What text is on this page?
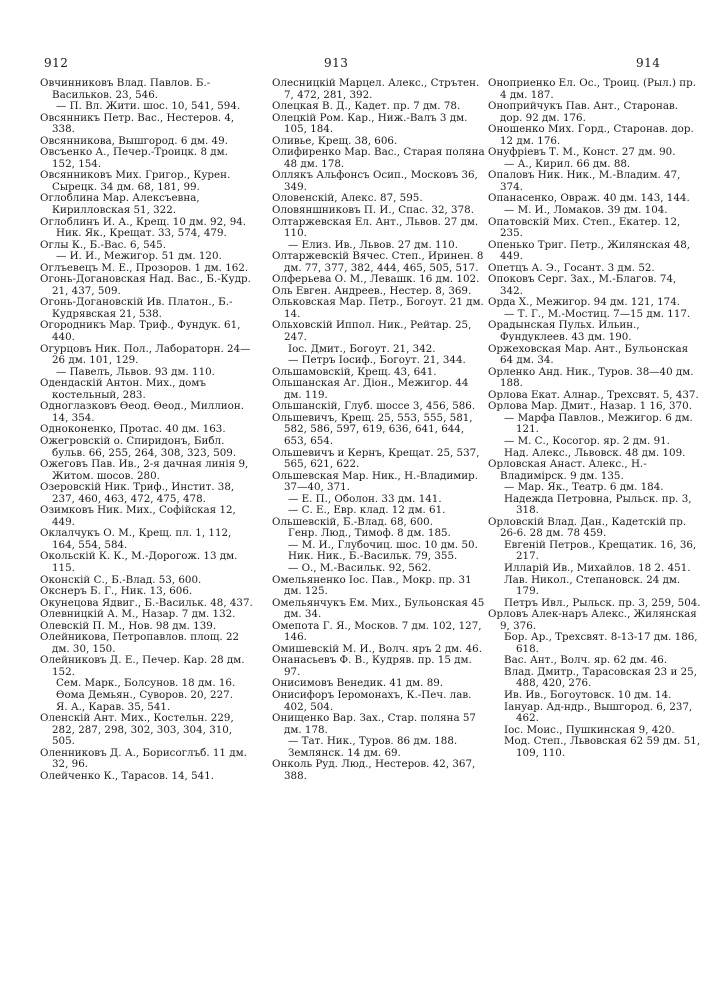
912	913	914

Овчинниковъ Влад. Павлов. Б.-Васильков. 23, 546.

— П. Вл. Жити. шос. 10, 541, 594.

Овсянникъ Петр. Вас., Нестеров. 4, 338.

Овсянникова, Вышгород. 6 дм. 49.

Овсъенко А., Печер.-Троицк. 8 дм. 152, 154.

Овсянниковъ Мих. Григор., Курен. Сырецк. 34 дм. 68, 181, 99.

Оглоблина Мар. Алексъевна, Кирилловская 51, 322.

Оглоблинъ И. А., Крещ. 10 дм. 92, 94.

Ник. Як., Крещат. 33, 574, 479.

Оглы К., Б.-Вас. 6, 545.

— И. И., Межигор. 51 дм. 120.

Оглъевецъ М. Е., Прозоров. 1 дм. 162.

Огонь-Догановская Над. Вас., Б.-Кудр. 21, 437, 509.

Огонь-Догановскій Ив. Платон., Б.-Кудрявская 21, 538.

Огородникъ Мар. Триф., Фундук. 61, 440.

Огурцовъ Ник. Пол., Лабораторн. 24—26 дм. 101, 129.

— Павелъ, Львов. 93 дм. 110.

Одендаскій Антон. Мих., домъ костельный, 283.

Одноглазковъ Өеод. Өеод., Миллион. 14, 354.

Одноконенко, Протас. 40 дм. 163.

Ожегровскій о. Спиридонъ, Библ. бульв. 66, 255, 264, 308, 323, 509.

Ожеговъ Пав. Ив., 2-я дачная линія 9, Житом. шосов. 280.

Озеровскій Ник. Триф., Инстит. 38, 237, 460, 463, 472, 475, 478.

Озимковъ Ник. Мих., Софійская 12, 449.

Оклалчукъ О. М., Крещ. пл. 1, 112, 164, 554, 584.

Окольскій К. К., М.-Дорогож. 13 дм. 115.

Оконскій С., Б.-Влад. 53, 600.

Окснеръ Б. Г., Ник. 13, 606.

Окунецова Ядвиг., Б.-Васильк. 48, 437.

Олевницкій А. М., Назар. 7 дм. 132.

Олевскій П. М., Нов. 98 дм. 139.

Олейникова, Петропавлов. площ. 22 дм. 30, 150.

Олейниковъ Д. Е., Печер. Кар. 28 дм. 152.

Сем. Марк., Болсунов. 18 дм. 16.

Өома Демьян., Суворов. 20, 227.

Я. А., Карав. 35, 541.

Оленскій Ант. Мих., Костельн. 229, 282, 287, 298, 302, 303, 304, 310, 505.

Оленниковъ Д. А., Борисоглъб. 11 дм. 32, 96.

Олейченко К., Тарасов. 14, 541.

Олесницкій Марцел. Алекс., Стрътен. 7, 472, 281, 392.

Олецкая В. Д., Кадет. пр. 7 дм. 78.

Олецкій Ром. Кар., Ниж.-Валъ 3 дм. 105, 184.

Оливье, Крещ. 38, 606.

Олифиренко Мар. Вас., Старая полянa 48 дм. 178.

Оллякъ Альфонсъ Осип., Московъ 36, 349.

Оловенскій, Алекс. 87, 595.

Оловяншниковъ П. И., Спас. 32, 378.

Олтаржевская Ел. Ант., Львов. 27 дм. 110.

— Елиз. Ив., Львов. 27 дм. 110.

Олтаржевскій Вячес. Степ., Иринен. 8 дм. 77, 377, 382, 444, 465, 505, 517.

Олферьева О. М., Левашк. 16 дм. 102.

Оль Евген. Андреев., Нестер. 8, 369.

Ольковская Мар. Петр., Богоут. 21 дм. 14.

Ольховскій Иппол. Ник., Рейтар. 25, 247.

Іос. Дмит., Богоут. 21, 342.

— Петръ Іосиф., Богоут. 21, 344.

Ольшамовскій, Крещ. 43, 641.

Ольшанская Аг. Діон., Межигор. 44 дм. 119.

Ольшанскій, Глуб. шоссе 3, 456, 586.

Ольшевичъ, Крещ. 25, 553, 555, 581, 582, 586, 597, 619, 636, 641, 644, 653, 654.

Ольшевичъ и Кернъ, Крещат. 25, 537, 565, 621, 622.

Ольшевская Мар. Ник., Н.-Владимир. 37—40, 371.

— Е. П., Оболон. 33 дм. 141.

— С. Е., Евр. клад. 12 дм. 61.

Ольшевскій, Б.-Влад. 68, 600.

Генр. Люд., Тимоф. 8 дм. 185.

— М. И., Глубочиц. шос. 10 дм. 50.

Ник. Ник., Б.-Васильк. 79, 355.

— О., М.-Васильк. 92, 562.

Омельяненко Іос. Пав., Мокр. пр. 31 дм. 125.

Омельянчукъ Ем. Мих., Бульонская 45 дм. 34.

Омепота Г. Я., Москов. 7 дм. 102, 127, 146.

Омишевскій М. И., Волч. яръ 2 дм. 46.

Онанасьевъ Ф. В., Кудряв. пр. 15 дм. 97.

Онисимовъ Венедик. 41 дм. 89.

Онисифоръ Іеромонахъ, К.-Печ. лав. 402, 504.

Онищенко Вар. Зах., Стар. полянa 57 дм. 178.

— Тат. Ник., Туров. 86 дм. 188.

Землянск. 14 дм. 69.

Онколь Руд. Люд., Нестеров. 42, 367, 388.

Оноприенко Ел. Ос., Троиц. (Рыл.) пр. 4 дм. 187.

Оноприйчукъ Пав. Ант., Старонав. дор. 92 дм. 176.

Оношенко Мих. Горд., Старонав. дор. 12 дм. 176.

Онуфріевъ Т. М., Конст. 27 дм. 90.

— А., Кирил. 66 дм. 88.

Опаловъ Ник. Ник., М.-Владим. 47, 374.

Опанасенко, Овраж. 40 дм. 143, 144.

— М. И., Ломаков. 39 дм. 104.

Опатовскій Мих. Степ., Екатер. 12, 235.

Опенько Триг. Петр., Жилянская 48, 449.

Опетцъ А. Э., Госант. 3 дм. 52.

Опоковъ Серг. Зах., М.-Благов. 74, 342.

Орда Х., Межигор. 94 дм. 121, 174.

— Т. Г., М.-Мостиц. 7—15 дм. 117.

Орадынская Пульх. Ильин., Фундуклеев. 43 дм. 190.

Оржеховская Мар. Ант., Бульонская 64 дм. 34.

Орленко Анд. Ник., Туров. 38—40 дм. 188.

Орлова Екат. Алнар., Трехсвят. 5, 437.

Орлова Мар. Дмит., Назар. 1 16, 370.

— Марфа Павлов., Межигор. 6 дм. 121.

— М. С., Косогор. яр. 2 дм. 91.

Над. Алекс., Львовск. 48 дм. 109.

Орловская Анаст. Алекс., Н.-Владимірск. 9 дм. 135.

— Мар. Як., Театр. 6 дм. 184.

Надежда Петровна, Рыльск. пр. 3, 318.

Орловскій Влад. Дан., Кадетскій пр. 26-6. 28 дм. 78 459.

Евгеній Петров., Крещатик. 16, 36, 217.

Илларій Ив., Михайлов. 18 2. 451.

Лав. Никол., Степановск. 24 дм. 179.

Петръ Ивл., Рыльск. пр. 3, 259, 504.

Орловъ Алек-наръ Алекс., Жилянская 9, 376.

Бор. Ар., Трехсвят. 8-13-17 дм. 186, 618.

Вас. Ант., Волч. яр. 62 дм. 46.

Влад. Дмитр., Тарасовская 23 и 25, 488, 420, 276.

Ив. Ив., Богоутовск. 10 дм. 14.

Іануар. Ад-ндр., Вышгород. 6, 237, 462.

Іос. Моис., Пушкинская 9, 420.

Мод. Степ., Львовская 62 59 дм. 51, 109, 110.
